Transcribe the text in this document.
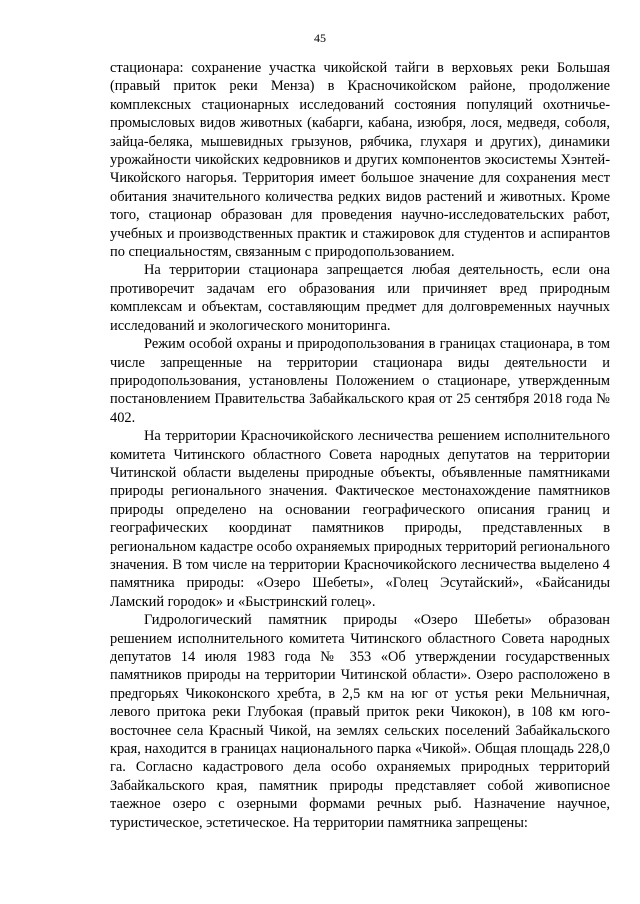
45

стационара: сохранение участка чикойской тайги в верховьях реки Большая (правый приток реки Менза) в Красночикойском районе, продолжение комплексных стационарных исследований состояния популяций охотничье-промысловых видов животных (кабарги, кабана, изюбря, лося, медведя, соболя, зайца-беляка, мышевидных грызунов, рябчика, глухаря и других), динамики урожайности чикойских кедровников и других компонентов экосистемы Хэнтей-Чикойского нагорья. Территория имеет большое значение для сохранения мест обитания значительного количества редких видов растений и животных. Кроме того, стационар образован для проведения научно-исследовательских работ, учебных и производственных практик и стажировок для студентов и аспирантов по специальностям, связанным с природопользованием.

На территории стационара запрещается любая деятельность, если она противоречит задачам его образования или причиняет вред природным комплексам и объектам, составляющим предмет для долговременных научных исследований и экологического мониторинга.

Режим особой охраны и природопользования в границах стационара, в том числе запрещенные на территории стационара виды деятельности и природопользования, установлены Положением о стационаре, утвержденным постановлением Правительства Забайкальского края от 25 сентября 2018 года № 402.

На территории Красночикойского лесничества решением исполнительного комитета Читинского областного Совета народных депутатов на территории Читинской области выделены природные объекты, объявленные памятниками природы регионального значения. Фактическое местонахождение памятников природы определено на основании географического описания границ и географических координат памятников природы, представленных в региональном кадастре особо охраняемых природных территорий регионального значения. В том числе на территории Красночикойского лесничества выделено 4 памятника природы: «Озеро Шебеты», «Голец Эсутайский», «Байсаниды Ламский городок» и «Быстринский голец».

Гидрологический памятник природы «Озеро Шебеты» образован решением исполнительного комитета Читинского областного Совета народных депутатов 14 июля 1983 года № 353 «Об утверждении государственных памятников природы на территории Читинской области». Озеро расположено в предгорьях Чикоконского хребта, в 2,5 км на юг от устья реки Мельничная, левого притока реки Глубокая (правый приток реки Чикокон), в 108 км юго-восточнее села Красный Чикой, на землях сельских поселений Забайкальского края, находится в границах национального парка «Чикой». Общая площадь 228,0 га. Согласно кадастрового дела особо охраняемых природных территорий Забайкальского края, памятник природы представляет собой живописное таежное озеро с озерными формами речных рыб. Назначение научное, туристическое, эстетическое. На территории памятника запрещены:
